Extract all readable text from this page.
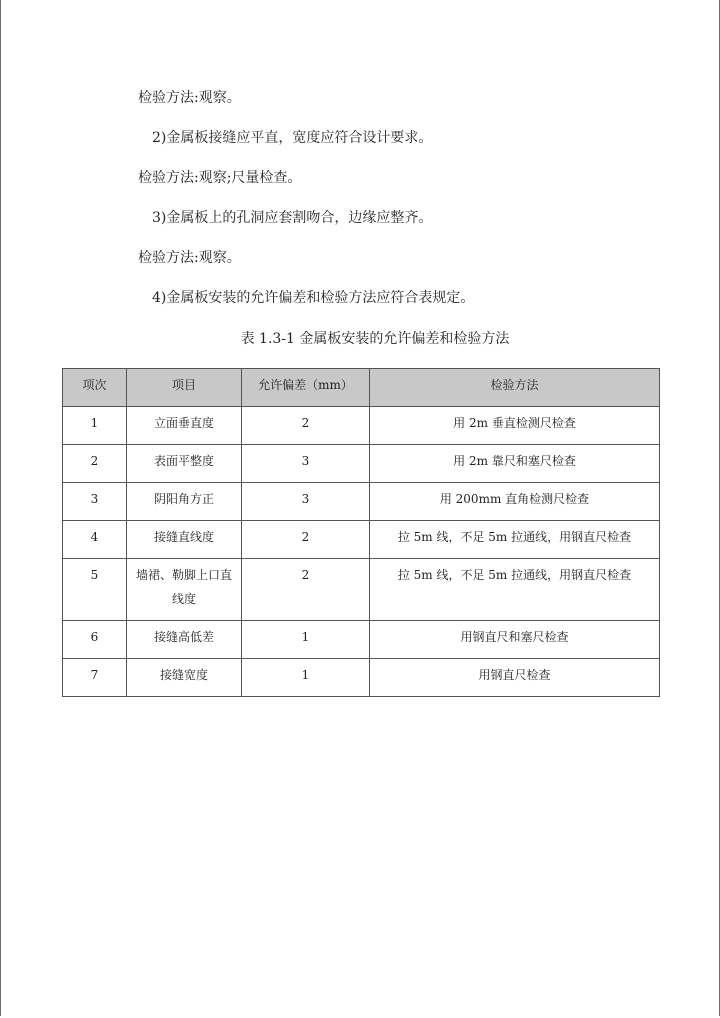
检验方法:观察。
2)金属板接缝应平直，宽度应符合设计要求。
检验方法:观察;尺量检查。
3)金属板上的孔洞应套割吻合，边缘应整齐。
检验方法:观察。
4)金属板安装的允许偏差和检验方法应符合表规定。
表 1.3-1 金属板安装的允许偏差和检验方法
项次	项目	允许偏差（mm）	检验方法
1	立面垂直度	2	用 2m 垂直检测尺检查
2	表面平整度	3	用 2m 靠尺和塞尺检查
3	阴阳角方正	3	用 200mm 直角检测尺检查
4	接缝直线度	2	拉 5m 线，不足 5m 拉通线，用钢直尺检查
5	墙裙、勒脚上口直线度	2	拉 5m 线，不足 5m 拉通线，用钢直尺检查
6	接缝高低差	1	用钢直尺和塞尺检查
7	接缝宽度	1	用钢直尺检查
